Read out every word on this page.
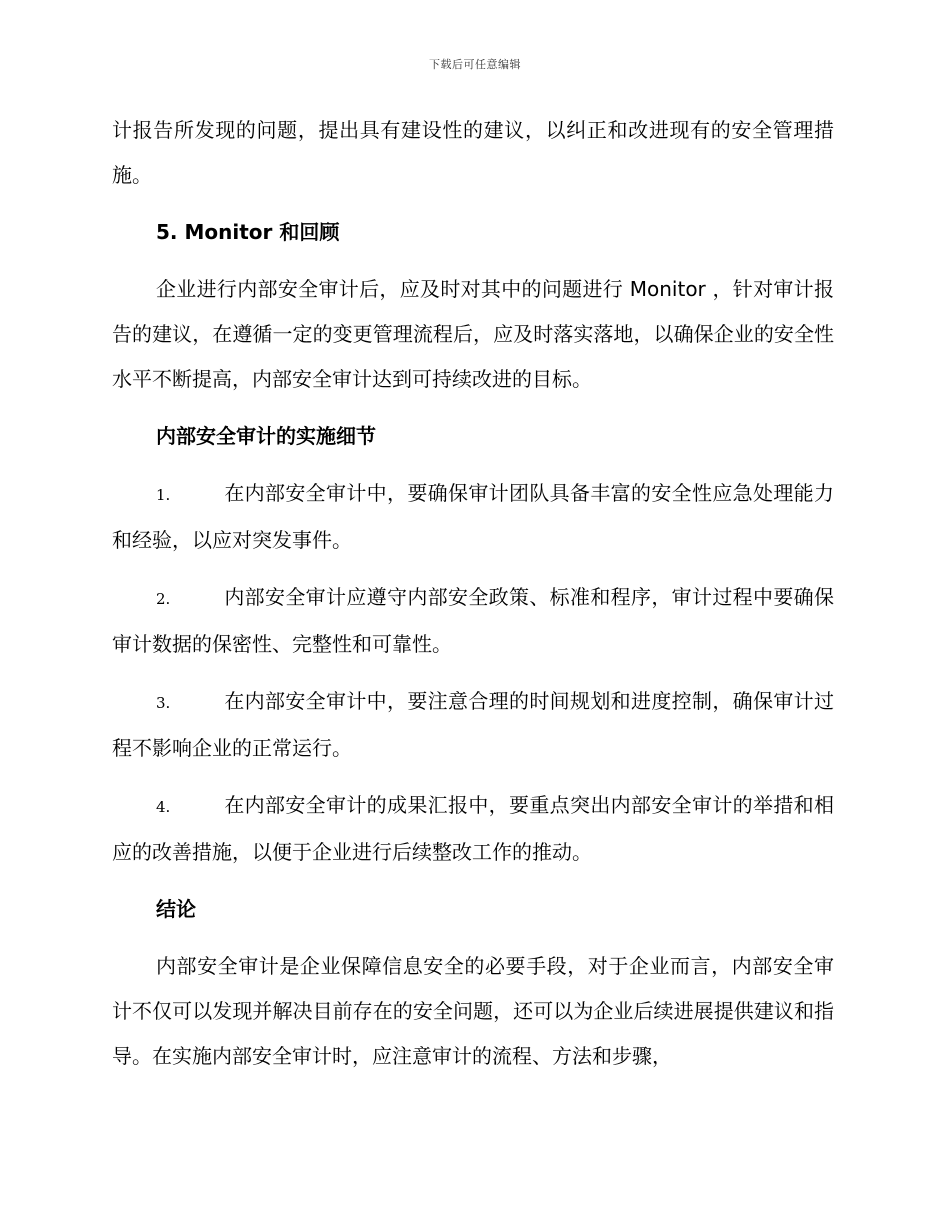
下载后可任意编辑

计报告所发现的问题，提出具有建设性的建议，以纠正和改进现有的安全管理措施。

5. Monitor 和回顾

企业进行内部安全审计后，应及时对其中的问题进行 Monitor ，针对审计报告的建议，在遵循一定的变更管理流程后，应及时落实落地，以确保企业的安全性水平不断提高，内部安全审计达到可持续改进的目标。

内部安全审计的实施细节

1.	在内部安全审计中，要确保审计团队具备丰富的安全性应急处理能力和经验，以应对突发事件。

2.	内部安全审计应遵守内部安全政策、标准和程序，审计过程中要确保审计数据的保密性、完整性和可靠性。

3.	在内部安全审计中，要注意合理的时间规划和进度控制，确保审计过程不影响企业的正常运行。

4.	在内部安全审计的成果汇报中，要重点突出内部安全审计的举措和相应的改善措施，以便于企业进行后续整改工作的推动。

结论

内部安全审计是企业保障信息安全的必要手段，对于企业而言，内部安全审计不仅可以发现并解决目前存在的安全问题，还可以为企业后续进展提供建议和指导。在实施内部安全审计时，应注意审计的流程、方法和步骤，
